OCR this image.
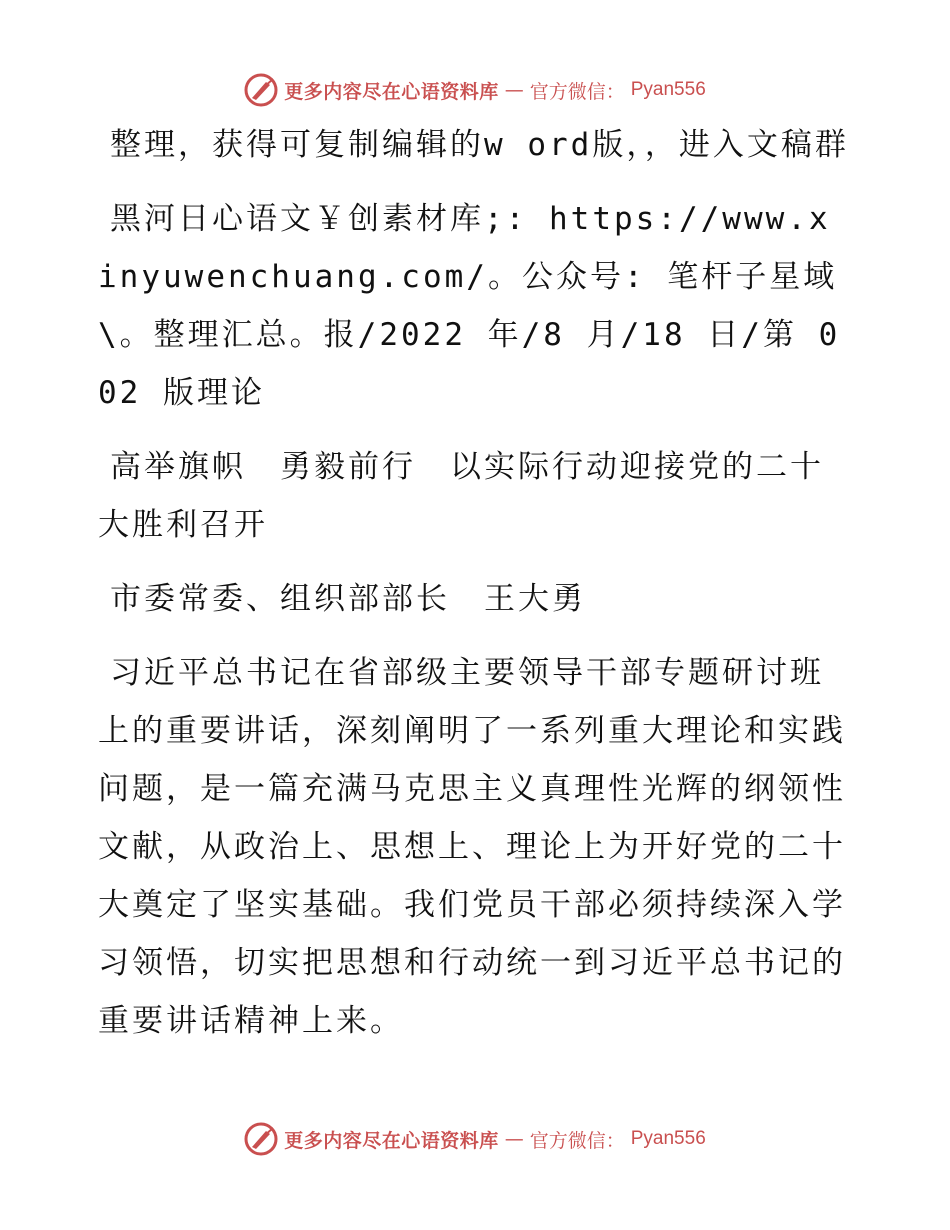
更多内容尽在心语资料库 — 官方微信： Pyan556

整理，获得可复制编辑的w ord版，，进入文稿群

黑河日心语文￥创素材库;: https://www.xinyuwenchuang.com/。公众号: 笔杆子星域\。整理汇总。报/2022 年/8 月/18 日/第 002 版理论

高举旗帜　勇毅前行　以实际行动迎接党的二十大胜利召开

市委常委、组织部部长　王大勇

习近平总书记在省部级主要领导干部专题研讨班上的重要讲话，深刻阐明了一系列重大理论和实践问题，是一篇充满马克思主义真理性光辉的纲领性文献，从政治上、思想上、理论上为开好党的二十大奠定了坚实基础。我们党员干部必须持续深入学习领悟，切实把思想和行动统一到习近平总书记的重要讲话精神上来。

更多内容尽在心语资料库 — 官方微信： Pyan556
